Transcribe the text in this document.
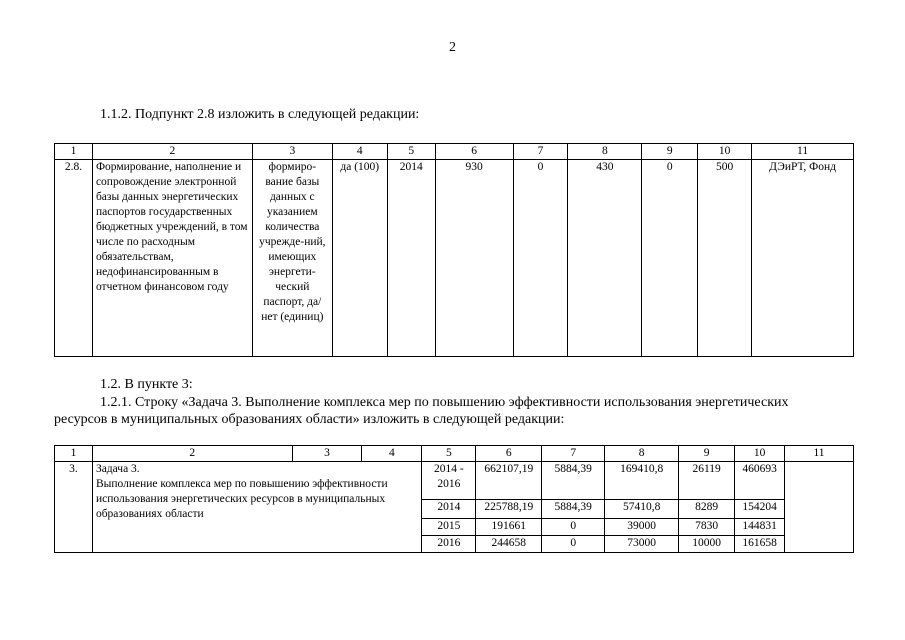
2
1.1.2. Подпункт 2.8 изложить в следующей редакции:
1	2	3	4	5	6	7	8	9	10	11
2.8.	Формирование, наполнение и сопровождение электронной базы данных энергетических паспортов государственных бюджетных учреждений, в том числе по расходным обязательствам, недофинансированным в отчетном финансовом году	формиро-вание базы данных с указанием количества учрежде-ний, имеющих энергети-ческий паспорт, да/нет (единиц)	да (100)	2014	930	0	430	0	500	ДЭиРТ, Фонд
1.2. В пункте 3:
1.2.1. Строку «Задача 3. Выполнение комплекса мер по повышению эффективности использования энергетических
ресурсов в муниципальных образованиях области» изложить в следующей редакции:
1	2	3	4	5	6	7	8	9	10	11
3.	Задача 3.
Выполнение комплекса мер по повышению эффективности использования энергетических ресурсов в муниципальных образованиях области			2014 - 2016	662107,19	5884,39	169410,8	26119	460693	
				2014	225788,19	5884,39	57410,8	8289	154204	
				2015	191661	0	39000	7830	144831	
				2016	244658	0	73000	10000	161658	
